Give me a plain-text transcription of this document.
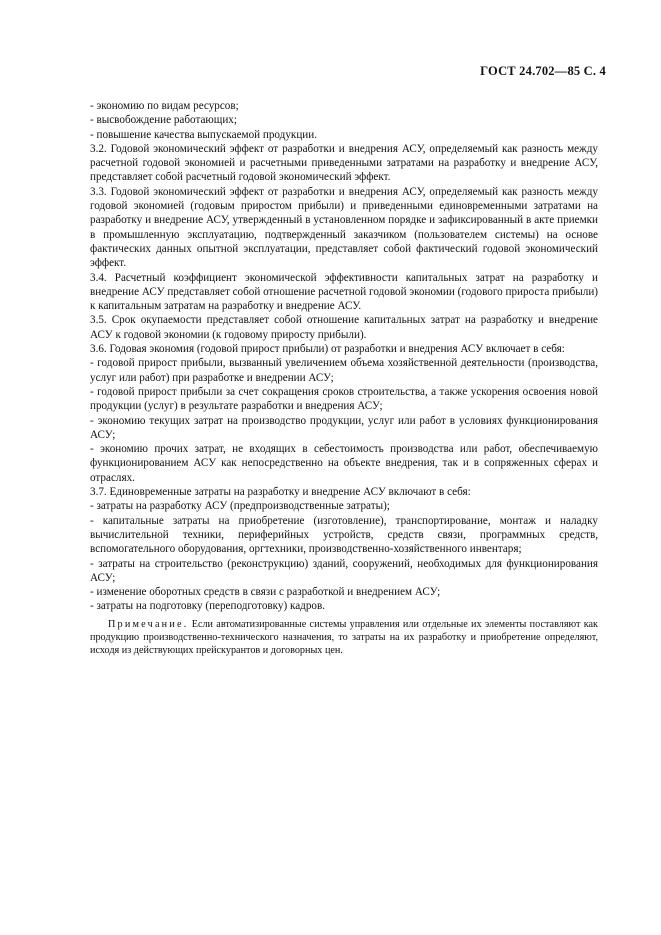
ГОСТ 24.702—85 С. 4

- экономию по видам ресурсов;

- высвобождение работающих;

- повышение качества выпускаемой продукции.

3.2. Годовой экономический эффект от разработки и внедрения АСУ, определяемый как разность между расчетной годовой экономией и расчетными приведенными затратами на разработку и внедрение АСУ, представляет собой расчетный годовой экономический эффект.

3.3. Годовой экономический эффект от разработки и внедрения АСУ, определяемый как разность между годовой экономией (годовым приростом прибыли) и приведенными единовременными затратами на разработку и внедрение АСУ, утвержденный в установленном порядке и зафиксированный в акте приемки в промышленную эксплуатацию, подтвержденный заказчиком (пользователем системы) на основе фактических данных опытной эксплуатации, представляет собой фактический годовой экономический эффект.

3.4. Расчетный коэффициент экономической эффективности капитальных затрат на разработку и внедрение АСУ представляет собой отношение расчетной годовой экономии (годового прироста прибыли) к капитальным затратам на разработку и внедрение АСУ.

3.5. Срок окупаемости представляет собой отношение капитальных затрат на разработку и внедрение АСУ к годовой экономии (к годовому приросту прибыли).

3.6. Годовая экономия (годовой прирост прибыли) от разработки и внедрения АСУ включает в себя:

- годовой прирост прибыли, вызванный увеличением объема хозяйственной деятельности (производства, услуг или работ) при разработке и внедрении АСУ;

- годовой прирост прибыли за счет сокращения сроков строительства, а также ускорения освоения новой продукции (услуг) в результате разработки и внедрения АСУ;

- экономию текущих затрат на производство продукции, услуг или работ в условиях функционирования АСУ;

- экономию прочих затрат, не входящих в себестоимость производства или работ, обеспечиваемую функционированием АСУ как непосредственно на объекте внедрения, так и в сопряженных сферах и отраслях.

3.7. Единовременные затраты на разработку и внедрение АСУ включают в себя:

- затраты на разработку АСУ (предпроизводственные затраты);

- капитальные затраты на приобретение (изготовление), транспортирование, монтаж и наладку вычислительной техники, периферийных устройств, средств связи, программных средств, вспомогательного оборудования, оргтехники, производственно-хозяйственного инвентаря;

- затраты на строительство (реконструкцию) зданий, сооружений, необходимых для функционирования АСУ;

- изменение оборотных средств в связи с разработкой и внедрением АСУ;

- затраты на подготовку (переподготовку) кадров.

Примечание. Если автоматизированные системы управления или отдельные их элементы поставляют как продукцию производственно-технического назначения, то затраты на их разработку и приобретение определяют, исходя из действующих прейскурантов и договорных цен.
